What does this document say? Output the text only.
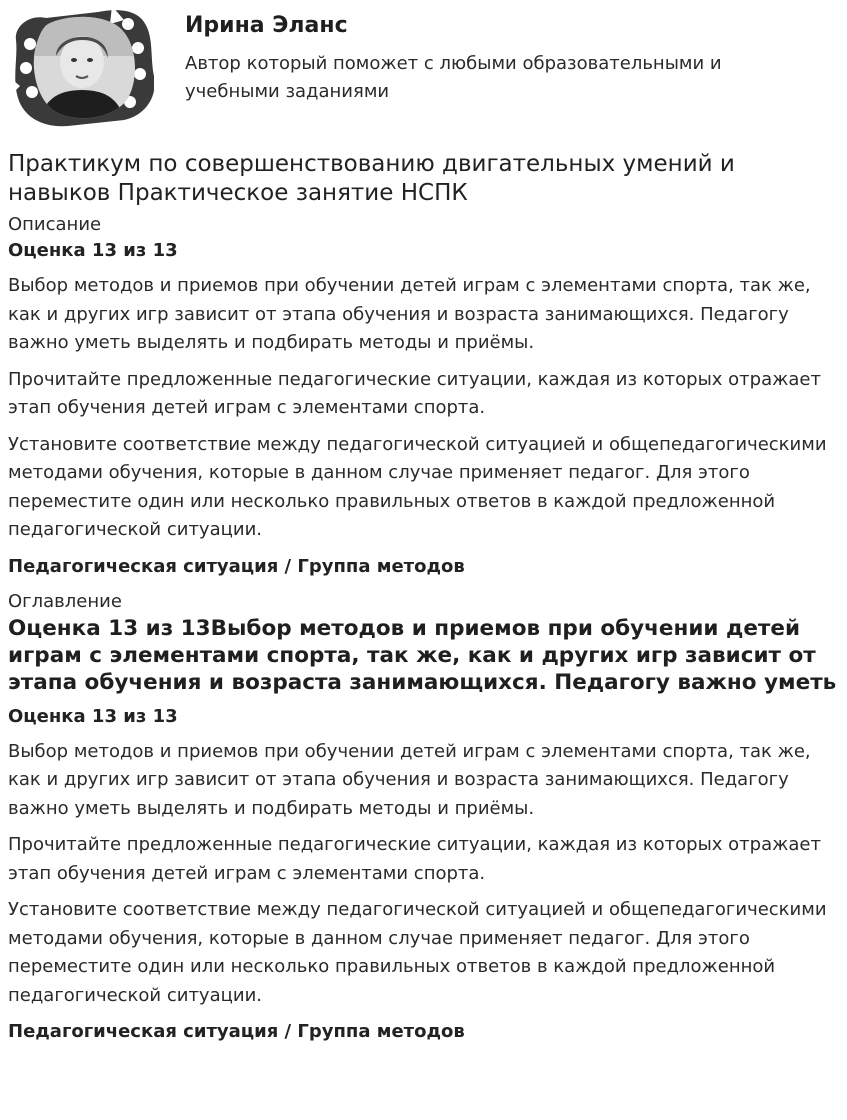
Ирина Эланс

Автор который поможет с любыми образовательными и учебными заданиями

Практикум по совершенствованию двигательных умений и навыков Практическое занятие НСПК

Описание

Оценка 13 из 13

Выбор методов и приемов при обучении детей играм с элементами спорта, так же, как и других игр зависит от этапа обучения и возраста занимающихся. Педагогу важно уметь выделять и подбирать методы и приёмы.

Прочитайте предложенные педагогические ситуации, каждая из которых отражает этап обучения детей играм с элементами спорта.

Установите соответствие между педагогической ситуацией и общепедагогическими методами обучения, которые в данном случае применяет педагог. Для этого переместите один или несколько правильных ответов в каждой предложенной педагогической ситуации.

Педагогическая ситуация / Группа методов

Оглавление

Оценка 13 из 13Выбор методов и приемов при обучении детей играм с элементами спорта, так же, как и других игр зависит от этапа обучения и возраста занимающихся. Педагогу важно уметь

Оценка 13 из 13

Выбор методов и приемов при обучении детей играм с элементами спорта, так же, как и других игр зависит от этапа обучения и возраста занимающихся. Педагогу важно уметь выделять и подбирать методы и приёмы.

Прочитайте предложенные педагогические ситуации, каждая из которых отражает этап обучения детей играм с элементами спорта.

Установите соответствие между педагогической ситуацией и общепедагогическими методами обучения, которые в данном случае применяет педагог. Для этого переместите один или несколько правильных ответов в каждой предложенной педагогической ситуации.

Педагогическая ситуация / Группа методов
